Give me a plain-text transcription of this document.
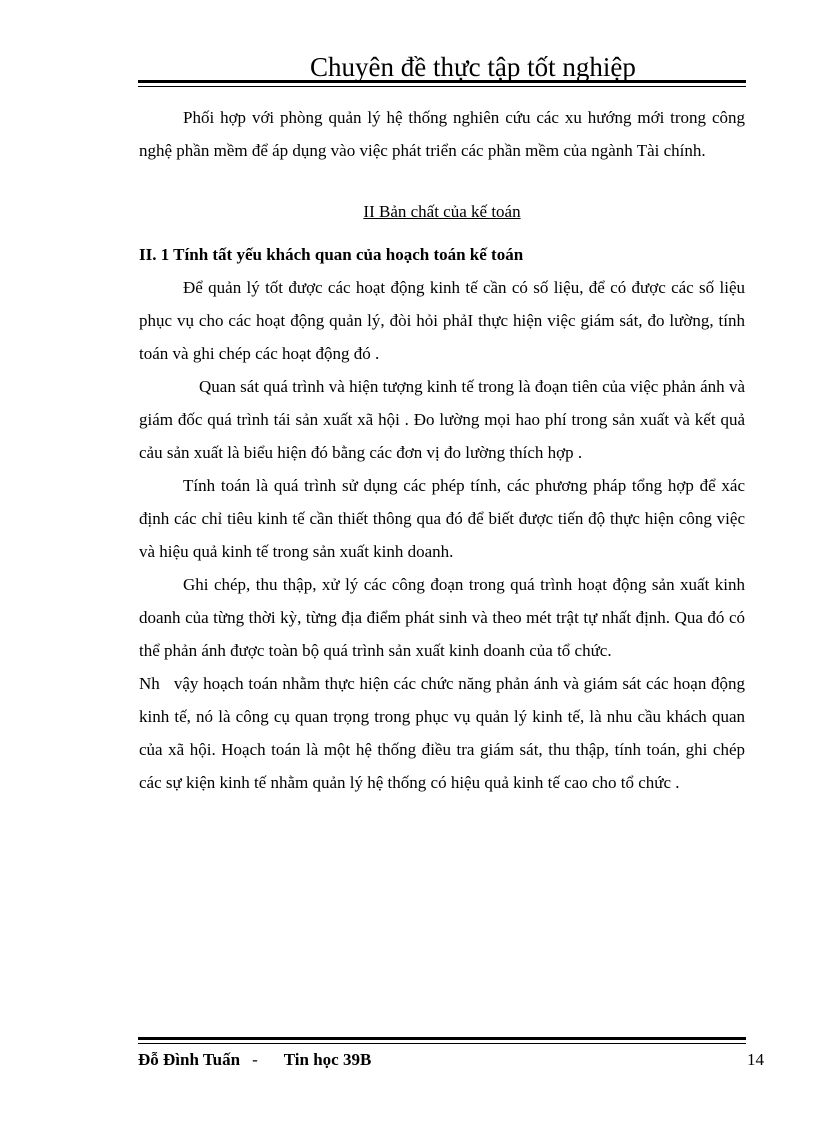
Chuyên đề thực tập tốt nghiệp

Phối hợp với phòng quản lý hệ thống nghiên cứu các xu hướng mới trong công nghệ phần mềm để áp dụng vào việc phát triển các phần mềm của ngành Tài chính.

II Bản chất của kế toán

II. 1 Tính tất yếu khách quan của hoạch toán kế toán

Để quản lý tốt được các hoạt động kinh tế cần có số liệu, để có được các số liệu phục vụ cho các hoạt động quản lý, đòi hỏi phảI thực hiện việc giám sát, đo lường, tính toán và ghi chép các hoạt động đó .

Quan sát quá trình và hiện tượng kinh tế trong là đoạn tiên của việc phản ánh và giám đốc quá trình tái sản xuất xã hội . Đo lường mọi hao phí trong sản xuất và kết quả cảu sản xuất là biểu hiện đó bằng các đơn vị đo lường thích hợp .

Tính toán là quá trình sử dụng các phép tính, các phương pháp tổng hợp để xác định các chỉ tiêu kinh tế cần thiết thông qua đó để biết được tiến độ thực hiện công việc và hiệu quả kinh tế trong sản xuất kinh doanh.

Ghi chép, thu thập, xử lý các công đoạn trong quá trình hoạt động sản xuất kinh doanh của từng thời kỳ, từng địa điểm phát sinh và theo mét trật tự nhất định. Qua đó có thể phản ánh được toàn bộ quá trình sản xuất kinh doanh của tổ chức.

Nh vậy hoạch toán nhằm thực hiện các chức năng phản ánh và giám sát các hoạn động kinh tế, nó là công cụ quan trọng trong phục vụ quản lý kinh tế, là nhu cầu khách quan của xã hội. Hoạch toán là một hệ thống điều tra giám sát, thu thập, tính toán, ghi chép các sự kiện kinh tế nhằm quản lý hệ thống có hiệu quả kinh tế cao cho tổ chức .

Đỗ Đình Tuấn - Tin học 39B	14
